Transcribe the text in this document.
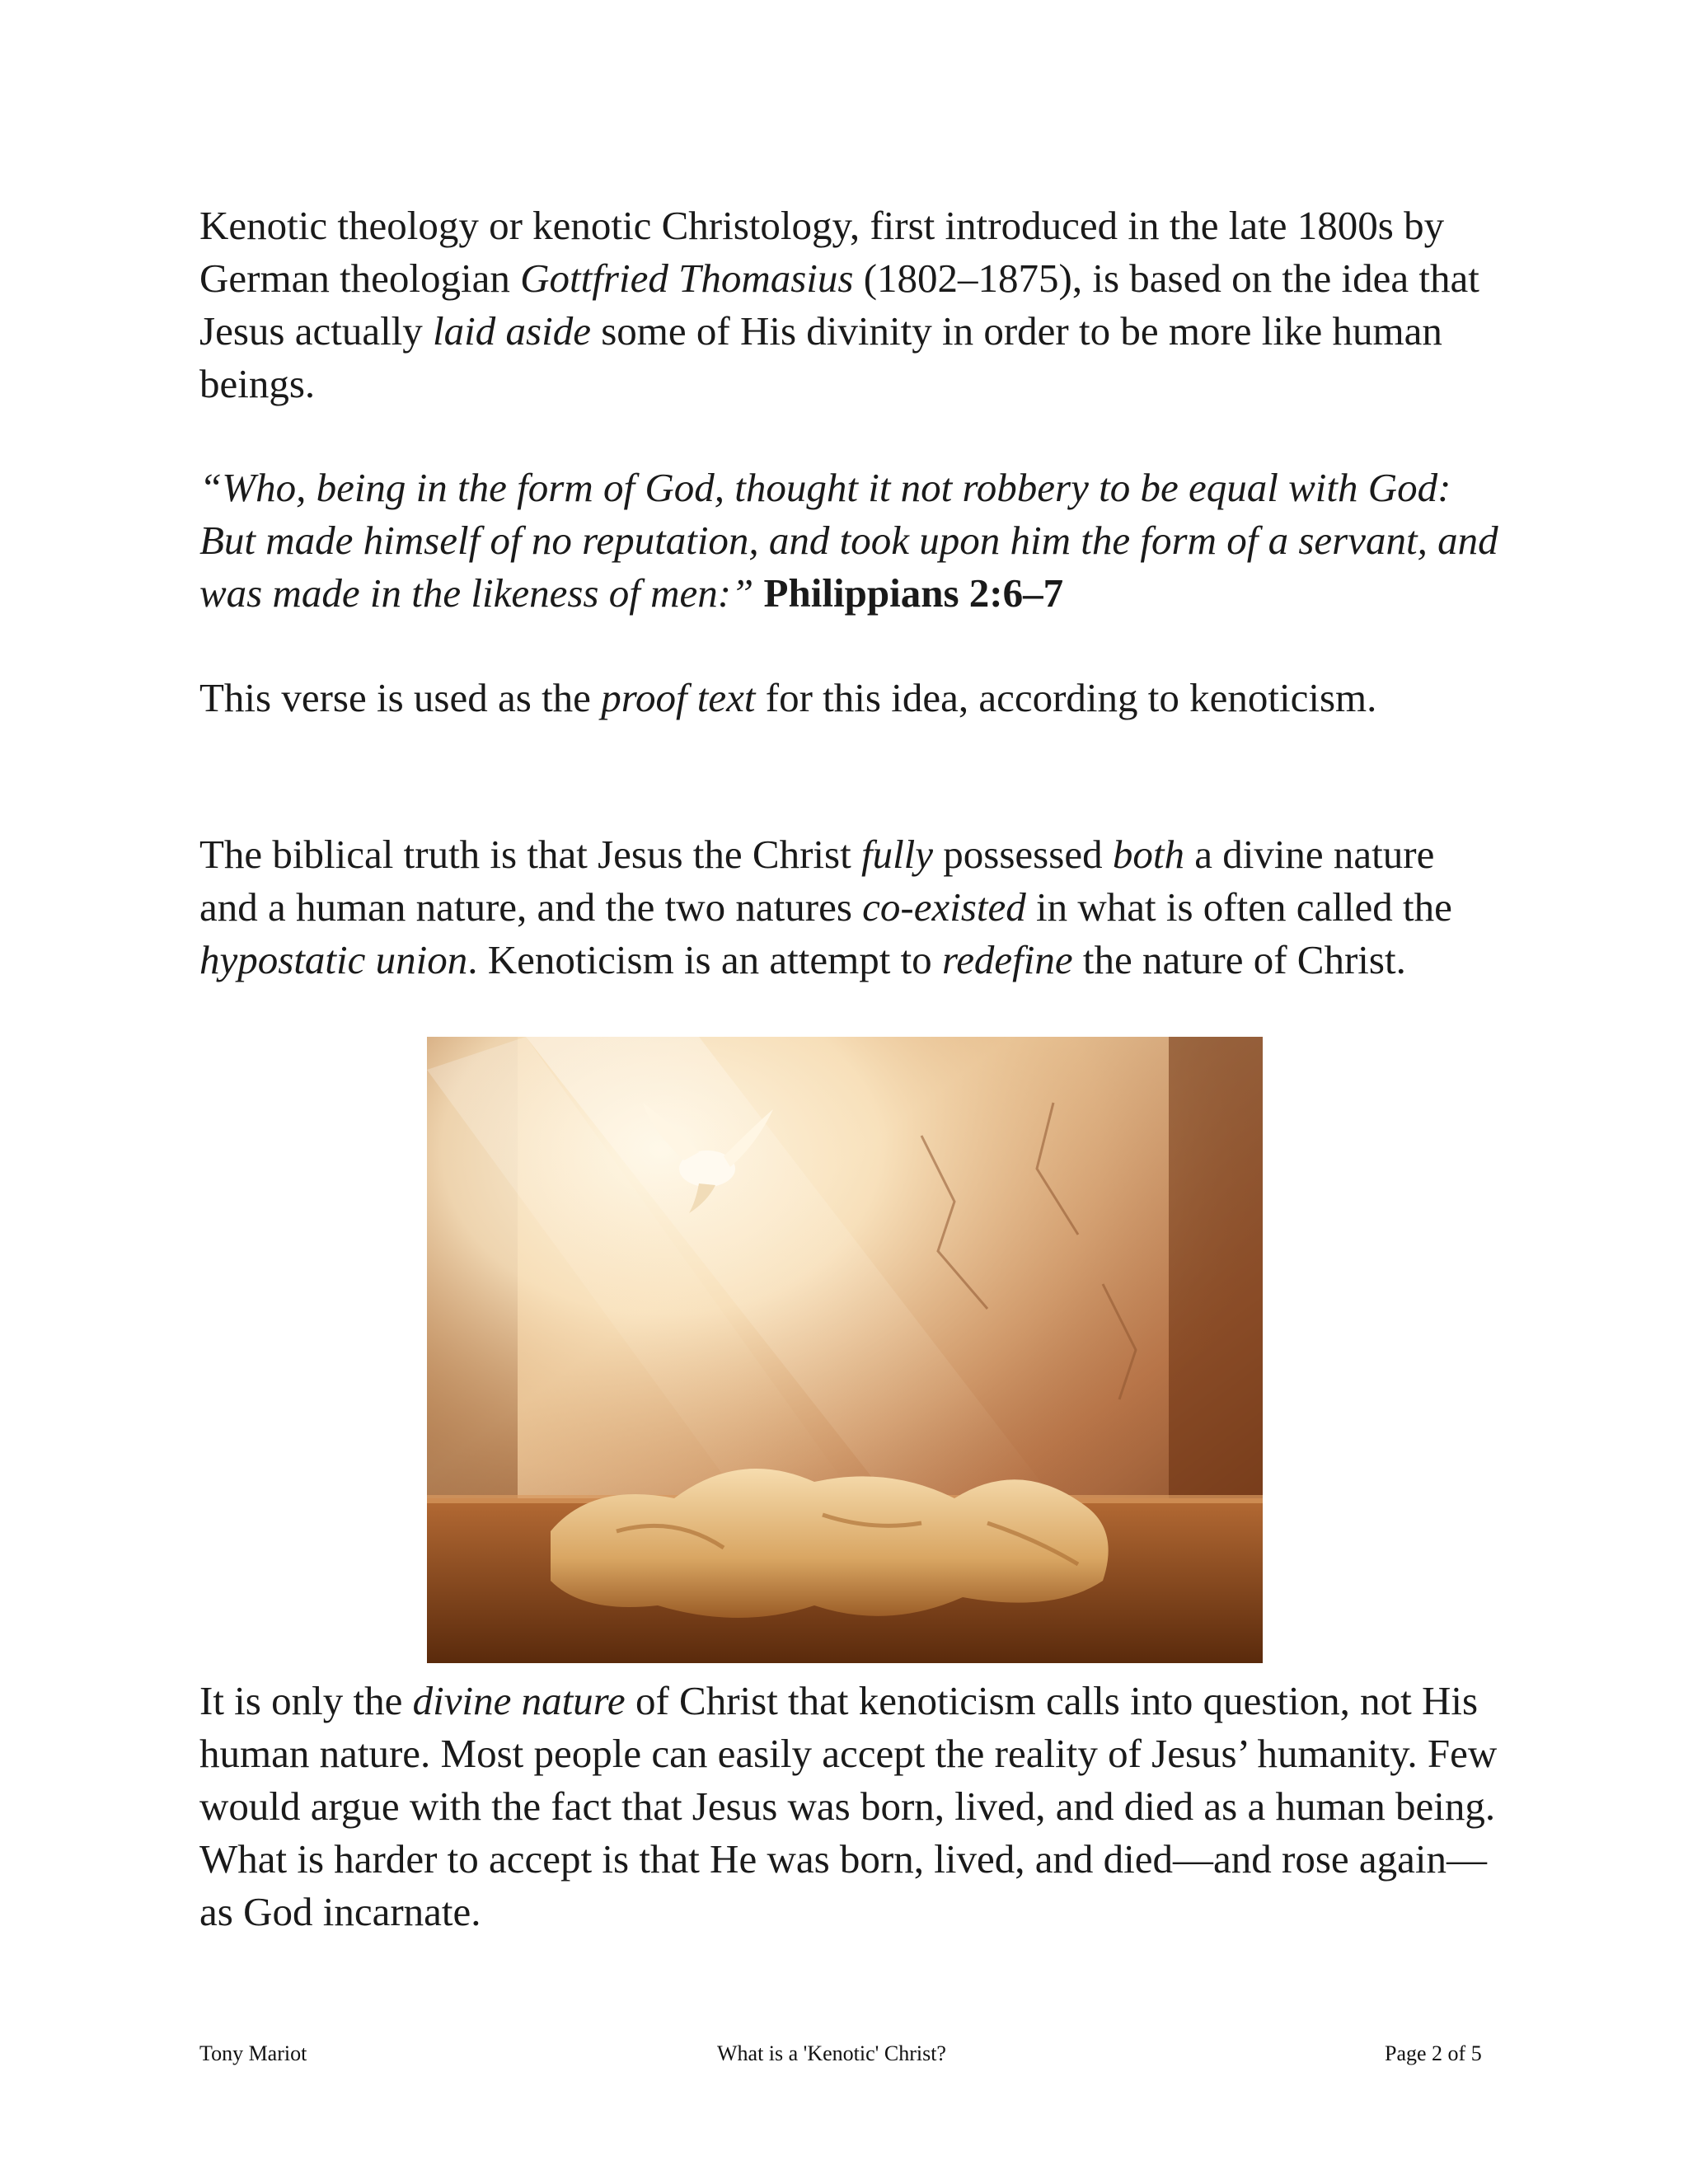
Kenotic theology or kenotic Christology, first introduced in the late 1800s by German theologian Gottfried Thomasius (1802–1875), is based on the idea that Jesus actually laid aside some of His divinity in order to be more like human beings.

“Who, being in the form of God, thought it not robbery to be equal with God: But made himself of no reputation, and took upon him the form of a servant, and was made in the likeness of men:” Philippians 2:6–7

This verse is used as the proof text for this idea, according to kenoticism.

The biblical truth is that Jesus the Christ fully possessed both a divine nature and a human nature, and the two natures co-existed in what is often called the hypostatic union. Kenoticism is an attempt to redefine the nature of Christ.

It is only the divine nature of Christ that kenoticism calls into question, not His human nature. Most people can easily accept the reality of Jesus’ humanity. Few would argue with the fact that Jesus was born, lived, and died as a human being. What is harder to accept is that He was born, lived, and died—and rose again—as God incarnate.

Tony Mariot	What is a 'Kenotic' Christ?	Page 2 of 5
